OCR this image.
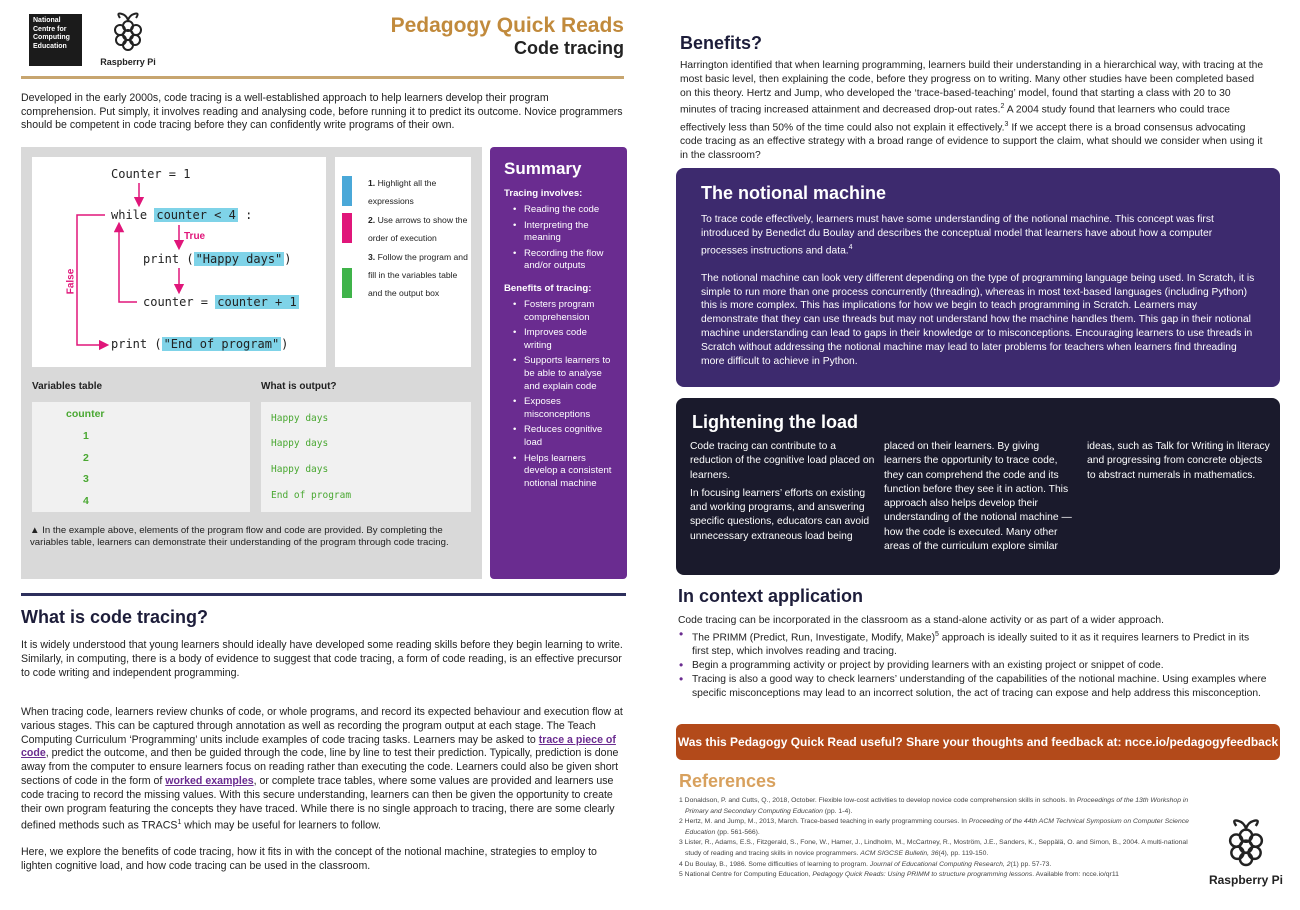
National Centre for Computing Education
Raspberry Pi
Pedagogy Quick Reads
Code tracing
Developed in the early 2000s, code tracing is a well-established approach to help learners develop their program comprehension. Put simply, it involves reading and analysing code, before running it to predict its outcome. Novice programmers should be competent in code tracing before they can confidently write programs of their own.
Counter = 1
while counter < 4 :
True
print ( "Happy days" )
counter = counter + 1
print ( "End of program" )
False
1. Highlight all the expressions
2. Use arrows to show the order of execution
3. Follow the program and fill in the variables table and the output box
Variables table	What is output?
counter
1
2
3
4
Happy days
Happy days
Happy days
End of program
▲ In the example above, elements of the program flow and code are provided. By completing the variables table, learners can demonstrate their understanding of the program through code tracing.
Summary
Tracing involves:
• Reading the code
• Interpreting the meaning
• Recording the flow and/or outputs
Benefits of tracing:
• Fosters program comprehension
• Improves code writing
• Supports learners to be able to analyse and explain code
• Exposes misconceptions
• Reduces cognitive load
• Helps learners develop a consistent notional machine
What is code tracing?
It is widely understood that young learners should ideally have developed some reading skills before they begin learning to write. Similarly, in computing, there is a body of evidence to suggest that code tracing, a form of code reading, is an effective precursor to code writing and independent programming.
When tracing code, learners review chunks of code, or whole programs, and record its expected behaviour and execution flow at various stages. This can be captured through annotation as well as recording the program output at each stage. The Teach Computing Curriculum ‘Programming’ units include examples of code tracing tasks. Learners may be asked to trace a piece of code, predict the outcome, and then be guided through the code, line by line to test their prediction. Typically, prediction is done away from the computer to ensure learners focus on reading rather than executing the code. Learners could also be given short sections of code in the form of worked examples, or complete trace tables, where some values are provided and learners use code tracing to record the missing values. With this secure understanding, learners can then be given the opportunity to create their own program featuring the concepts they have traced. While there is no single approach to tracing, there are some clearly defined methods such as TRACS$^1$ which may be useful for learners to follow.
Here, we explore the benefits of code tracing, how it fits in with the concept of the notional machine, strategies to employ to lighten cognitive load, and how code tracing can be used in the classroom.
Benefits?
Harrington identified that when learning programming, learners build their understanding in a hierarchical way, with tracing at the most basic level, then explaining the code, before they progress on to writing. Many other studies have been completed based on this theory. Hertz and Jump, who developed the ‘trace-based-teaching’ model, found that starting a class with 20 to 30 minutes of tracing increased attainment and decreased drop-out rates.$^2$ A 2004 study found that learners who could trace effectively less than 50% of the time could also not explain it effectively.$^3$ If we accept there is a broad consensus advocating code tracing as an effective strategy with a broad range of evidence to support the claim, what should we consider when using it in the classroom?
The notional machine

To trace code effectively, learners must have some understanding of the notional machine. This concept was first introduced by Benedict du Boulay and describes the conceptual model that learners have about how a computer processes instructions and data.$^4$

The notional machine can look very different depending on the type of programming language being used. In Scratch, it is simple to run more than one process concurrently (threading), whereas in most text-based languages (including Python) this is more complex. This has implications for how we begin to teach programming in Scratch. Learners may demonstrate that they can use threads but may not understand how the machine handles them. This gap in their notional machine understanding can lead to gaps in their knowledge or to misconceptions. Encouraging learners to use threads in Scratch without addressing the notional machine may lead to later problems for teachers when learners find threading more difficult to achieve in Python.

Lightening the load

Code tracing can contribute to a reduction of the cognitive load placed on learners.

In focusing learners’ efforts on existing and working programs, and answering specific questions, educators can avoid unnecessary extraneous load being

placed on their learners. By giving learners the opportunity to trace code, they can comprehend the code and its function before they see it in action. This approach also helps develop their understanding of the notional machine — how the code is executed. Many other areas of the curriculum explore similar
ideas, such as Talk for Writing in literacy and progressing from concrete objects to abstract numerals in mathematics.
In context application
Code tracing can be incorporated in the classroom as a stand-alone activity or as part of a wider approach.
• The PRIMM (Predict, Run, Investigate, Modify, Make)$^5$ approach is ideally suited to it as it requires learners to Predict in its first step, which involves reading and tracing.
• Begin a programming activity or project by providing learners with an existing project or snippet of code.
• Tracing is also a good way to check learners’ understanding of the capabilities of the notional machine. Using examples where specific misconceptions may lead to an incorrect solution, the act of tracing can expose and help address this misconception.
Was this Pedagogy Quick Read useful? Share your thoughts and feedback at: ncce.io/pedagogyfeedback
References
1 Donaldson, P. and Cutts, Q., 2018, October. Flexible low-cost activities to develop novice code comprehension skills in schools. In Proceedings of the 13th Workshop in Primary and Secondary Computing Education (pp. 1-4).
2 Hertz, M. and Jump, M., 2013, March. Trace-based teaching in early programming courses. In Proceeding of the 44th ACM Technical Symposium on Computer Science Education (pp. 561-566).
3 Lister, R., Adams, E.S., Fitzgerald, S., Fone, W., Hamer, J., Lindholm, M., McCartney, R., Moström, J.E., Sanders, K., Seppälä, O. and Simon, B., 2004. A multi-national study of reading and tracing skills in novice programmers. ACM SIGCSE Bulletin, 36(4), pp. 119-150.
4 Du Boulay, B., 1986. Some difficulties of learning to program. Journal of Educational Computing Research, 2(1) pp. 57-73.
5 National Centre for Computing Education, Pedagogy Quick Reads: Using PRIMM to structure programming lessons. Available from: ncce.io/qr11	Raspberry Pi
